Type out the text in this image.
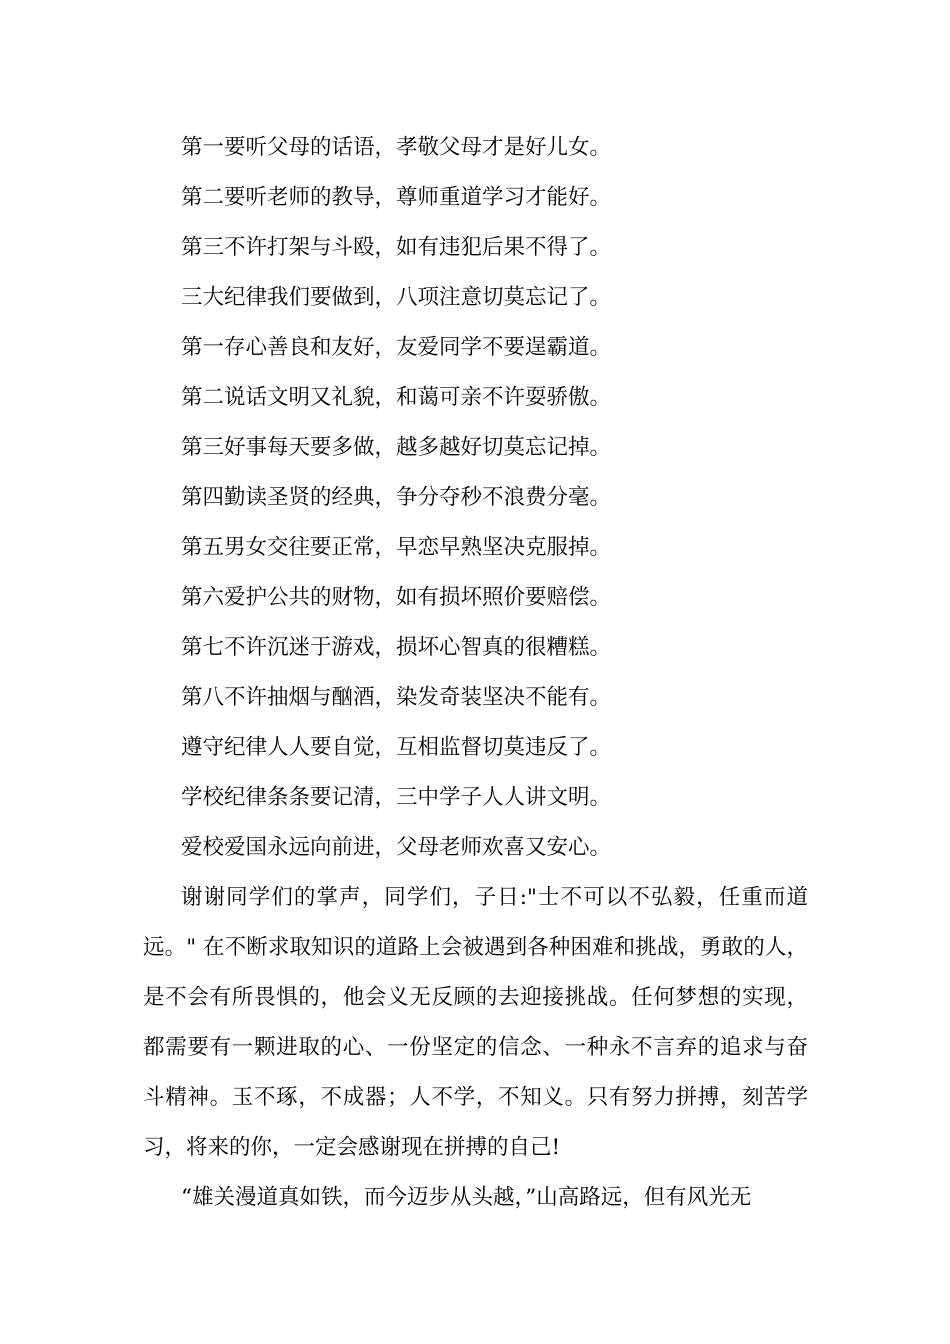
第一要听父母的话语，孝敬父母才是好儿女。

第二要听老师的教导，尊师重道学习才能好。

第三不许打架与斗殴，如有违犯后果不得了。

三大纪律我们要做到，八项注意切莫忘记了。

第一存心善良和友好，友爱同学不要逞霸道。

第二说话文明又礼貌，和蔼可亲不许耍骄傲。

第三好事每天要多做，越多越好切莫忘记掉。

第四勤读圣贤的经典，争分夺秒不浪费分毫。

第五男女交往要正常，早恋早熟坚决克服掉。

第六爱护公共的财物，如有损坏照价要赔偿。

第七不许沉迷于游戏，损坏心智真的很糟糕。

第八不许抽烟与酗酒，染发奇装坚决不能有。

遵守纪律人人要自觉，互相监督切莫违反了。

学校纪律条条要记清，三中学子人人讲文明。

爱校爱国永远向前进，父母老师欢喜又安心。

谢谢同学们的掌声，同学们，子日:"士不可以不弘毅，任重而道远。" 在不断求取知识的道路上会被遇到各种困难和挑战，勇敢的人，是不会有所畏惧的，他会义无反顾的去迎接挑战。任何梦想的实现，都需要有一颗进取的心、一份坚定的信念、一种永不言弃的追求与奋斗精神。玉不琢，不成器；人不学，不知义。只有努力拼搏，刻苦学习，将来的你，一定会感谢现在拼搏的自己!

“雄关漫道真如铁，而今迈步从头越，”山高路远，但有风光无
